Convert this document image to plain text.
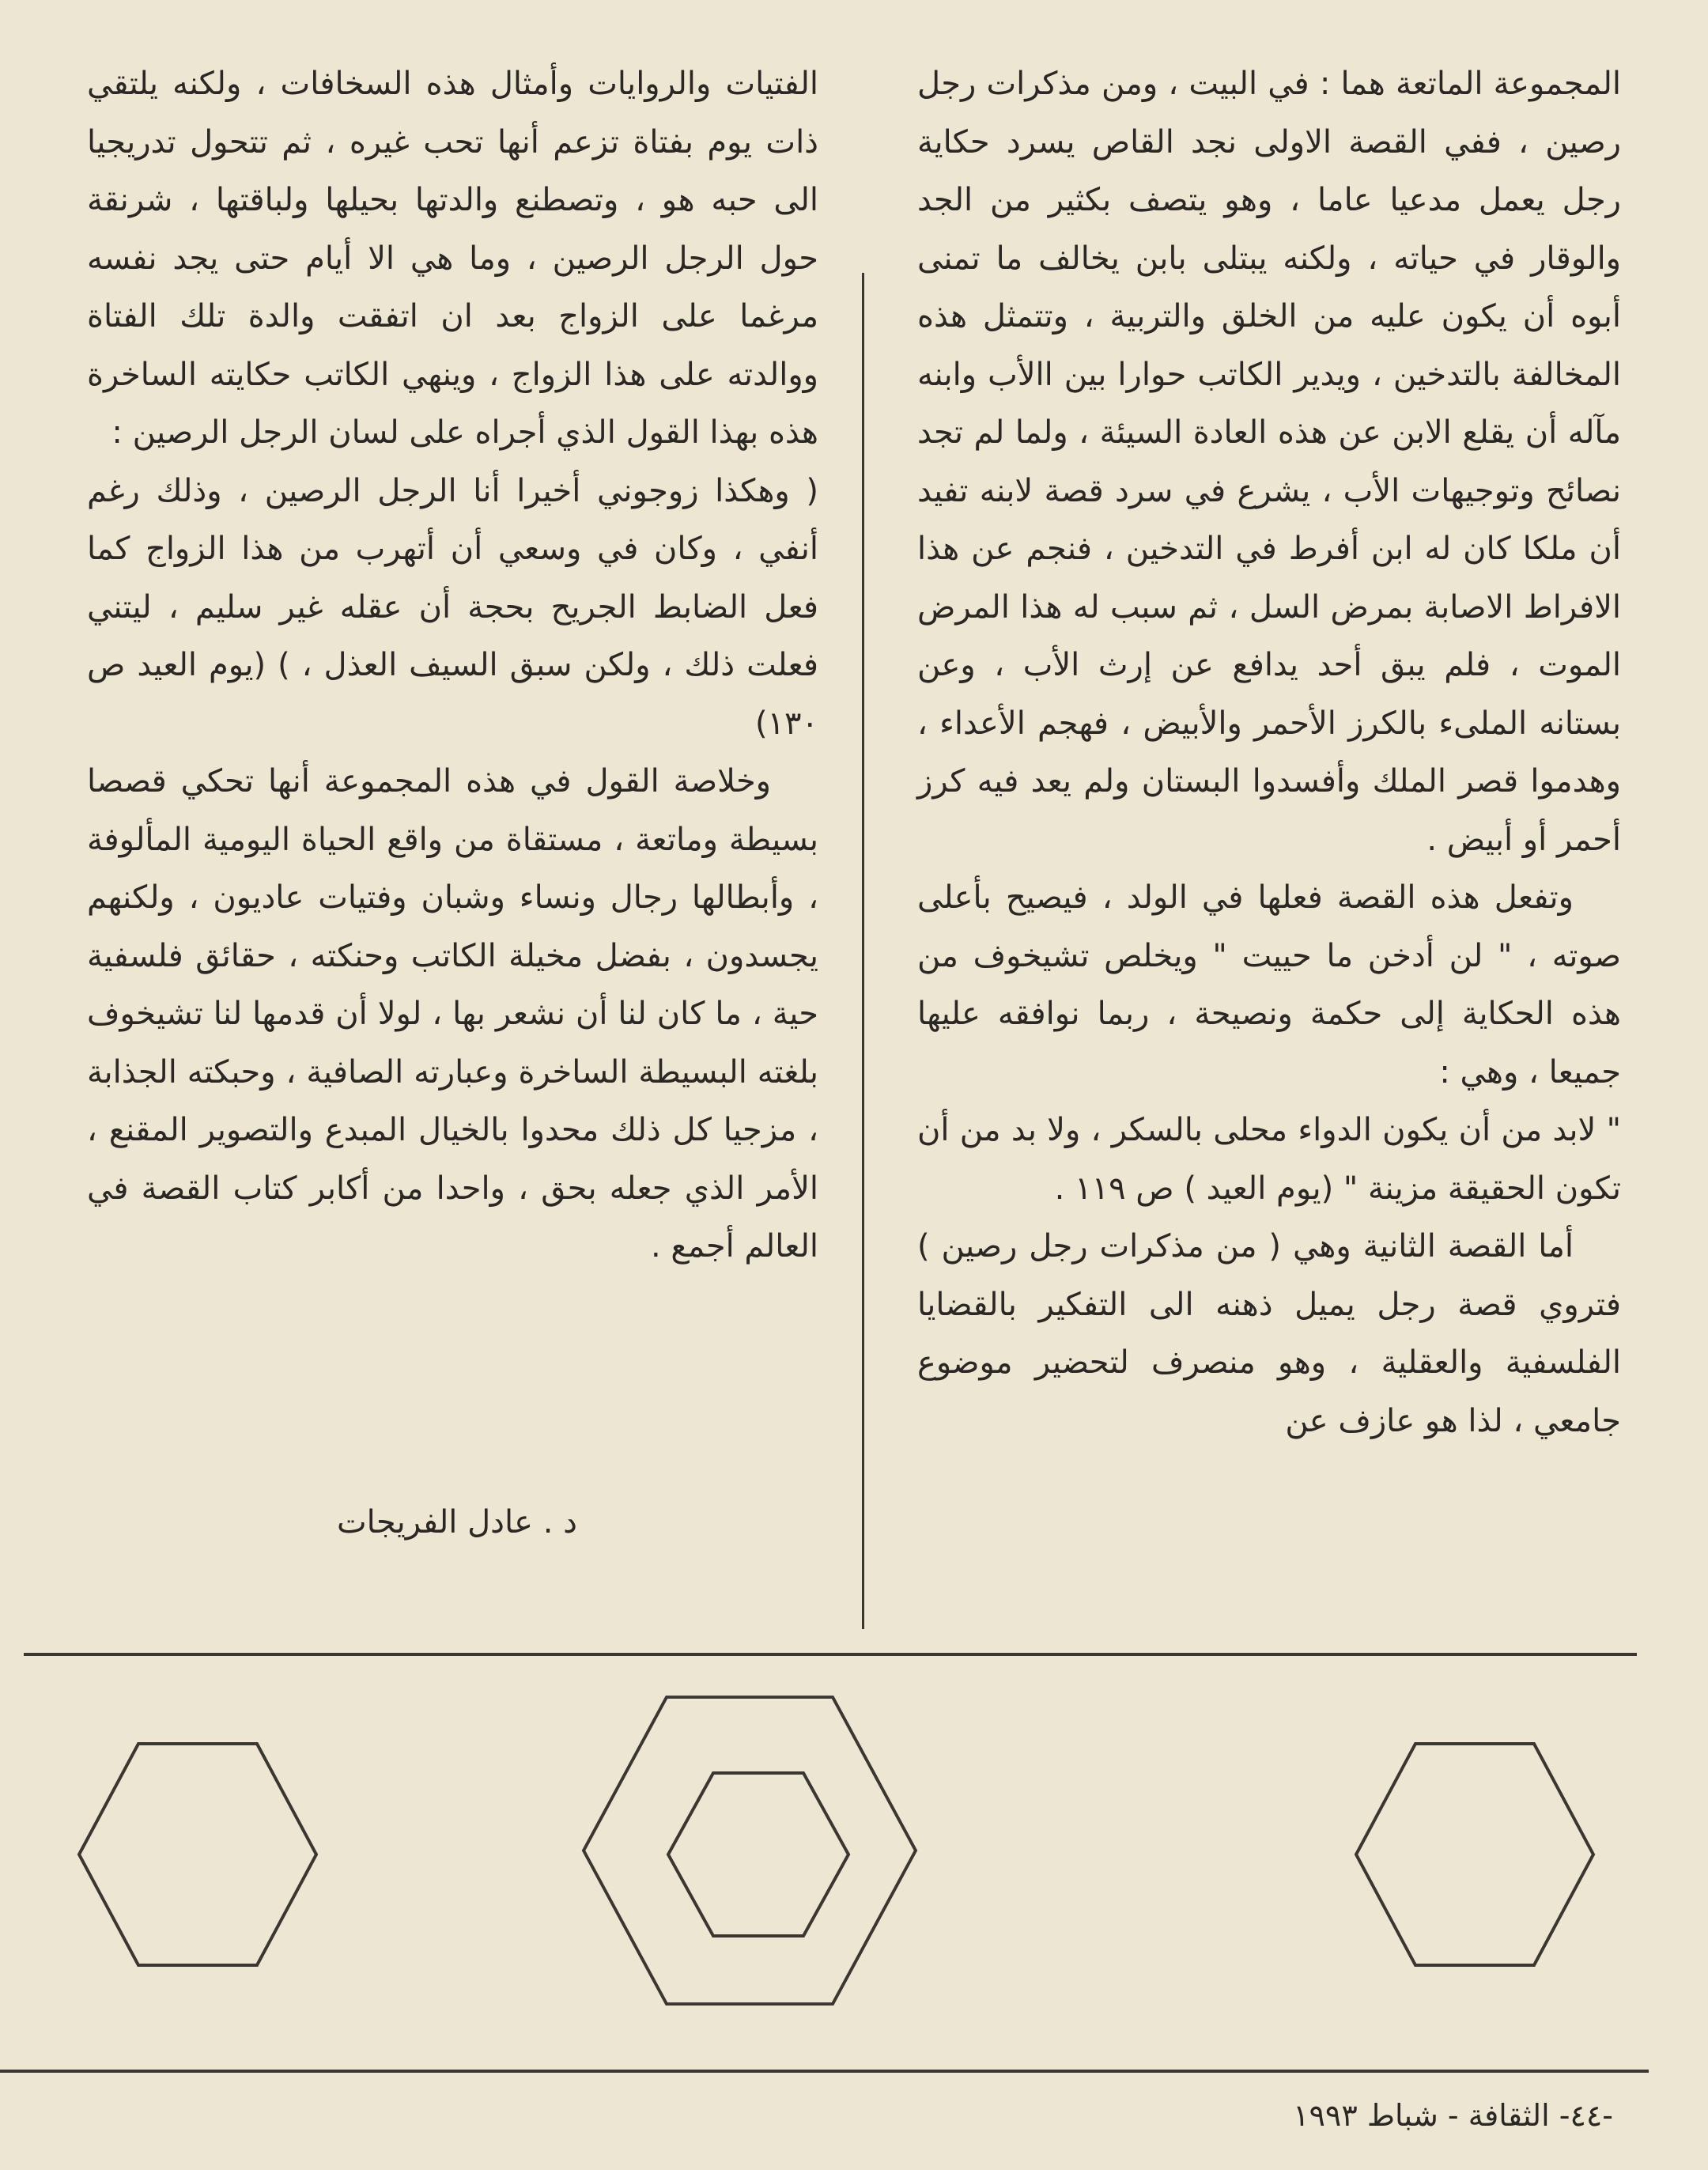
المجموعة الماتعة هما : في البيت ، ومن مذكرات رجل رصين ، ففي القصة الاولى نجد القاص يسرد حكاية رجل يعمل مدعيا عاما ، وهو يتصف بكثير من الجد والوقار في حياته ، ولكنه يبتلى بابن يخالف ما تمنى أبوه أن يكون عليه من الخلق والتربية ، وتتمثل هذه المخالفة بالتدخين ، ويدير الكاتب حوارا بين االأب وابنه مآله أن يقلع الابن عن هذه العادة السيئة ، ولما لم تجد نصائح وتوجيهات الأب ، يشرع في سرد قصة لابنه تفيد أن ملكا كان له ابن أفرط في التدخين ، فنجم عن هذا الافراط الاصابة بمرض السل ، ثم سبب له هذا المرض الموت ، فلم يبق أحد يدافع عن إرث الأب ، وعن بستانه الملىء بالكرز الأحمر والأبيض ، فهجم الأعداء ، وهدموا قصر الملك وأفسدوا البستان ولم يعد فيه كرز أحمر أو أبيض .

وتفعل هذه القصة فعلها في الولد ، فيصيح بأعلى صوته ، " لن أدخن ما حييت " ويخلص تشيخوف من هذه الحكاية إلى حكمة ونصيحة ، ربما نوافقه عليها جميعا ، وهي :

" لابد من أن يكون الدواء محلى بالسكر ، ولا بد من أن تكون الحقيقة مزينة " (يوم العيد ) ص ١١٩ .

أما القصة الثانية وهي ( من مذكرات رجل رصين ) فتروي قصة رجل يميل ذهنه الى التفكير بالقضايا الفلسفية والعقلية ، وهو منصرف لتحضير موضوع جامعي ، لذا هو عازف عن

الفتيات والروايات وأمثال هذه السخافات ، ولكنه يلتقي ذات يوم بفتاة تزعم أنها تحب غيره ، ثم تتحول تدريجيا الى حبه هو ، وتصطنع والدتها بحيلها ولباقتها ، شرنقة حول الرجل الرصين ، وما هي الا أيام حتى يجد نفسه مرغما على الزواج بعد ان اتفقت والدة تلك الفتاة ووالدته على هذا الزواج ، وينهي الكاتب حكايته الساخرة هذه بهذا القول الذي أجراه على لسان الرجل الرصين :

( وهكذا زوجوني أخيرا أنا الرجل الرصين ، وذلك رغم أنفي ، وكان في وسعي أن أتهرب من هذا الزواج كما فعل الضابط الجريح بحجة أن عقله غير سليم ، ليتني فعلت ذلك ، ولكن سبق السيف العذل ، ) (يوم العيد ص ١٣٠)

وخلاصة القول في هذه المجموعة أنها تحكي قصصا بسيطة وماتعة ، مستقاة من واقع الحياة اليومية المألوفة ، وأبطالها رجال ونساء وشبان وفتيات عاديون ، ولكنهم يجسدون ، بفضل مخيلة الكاتب وحنكته ، حقائق فلسفية حية ، ما كان لنا أن نشعر بها ، لولا أن قدمها لنا تشيخوف بلغته البسيطة الساخرة وعبارته الصافية ، وحبكته الجذابة ، مزجيا كل ذلك محدوا بالخيال المبدع والتصوير المقنع ، الأمر الذي جعله بحق ، واحدا من أكابر كتاب القصة في العالم أجمع .

د . عادل الفريجات
-٤٤- الثقافة - شباط ١٩٩٣
